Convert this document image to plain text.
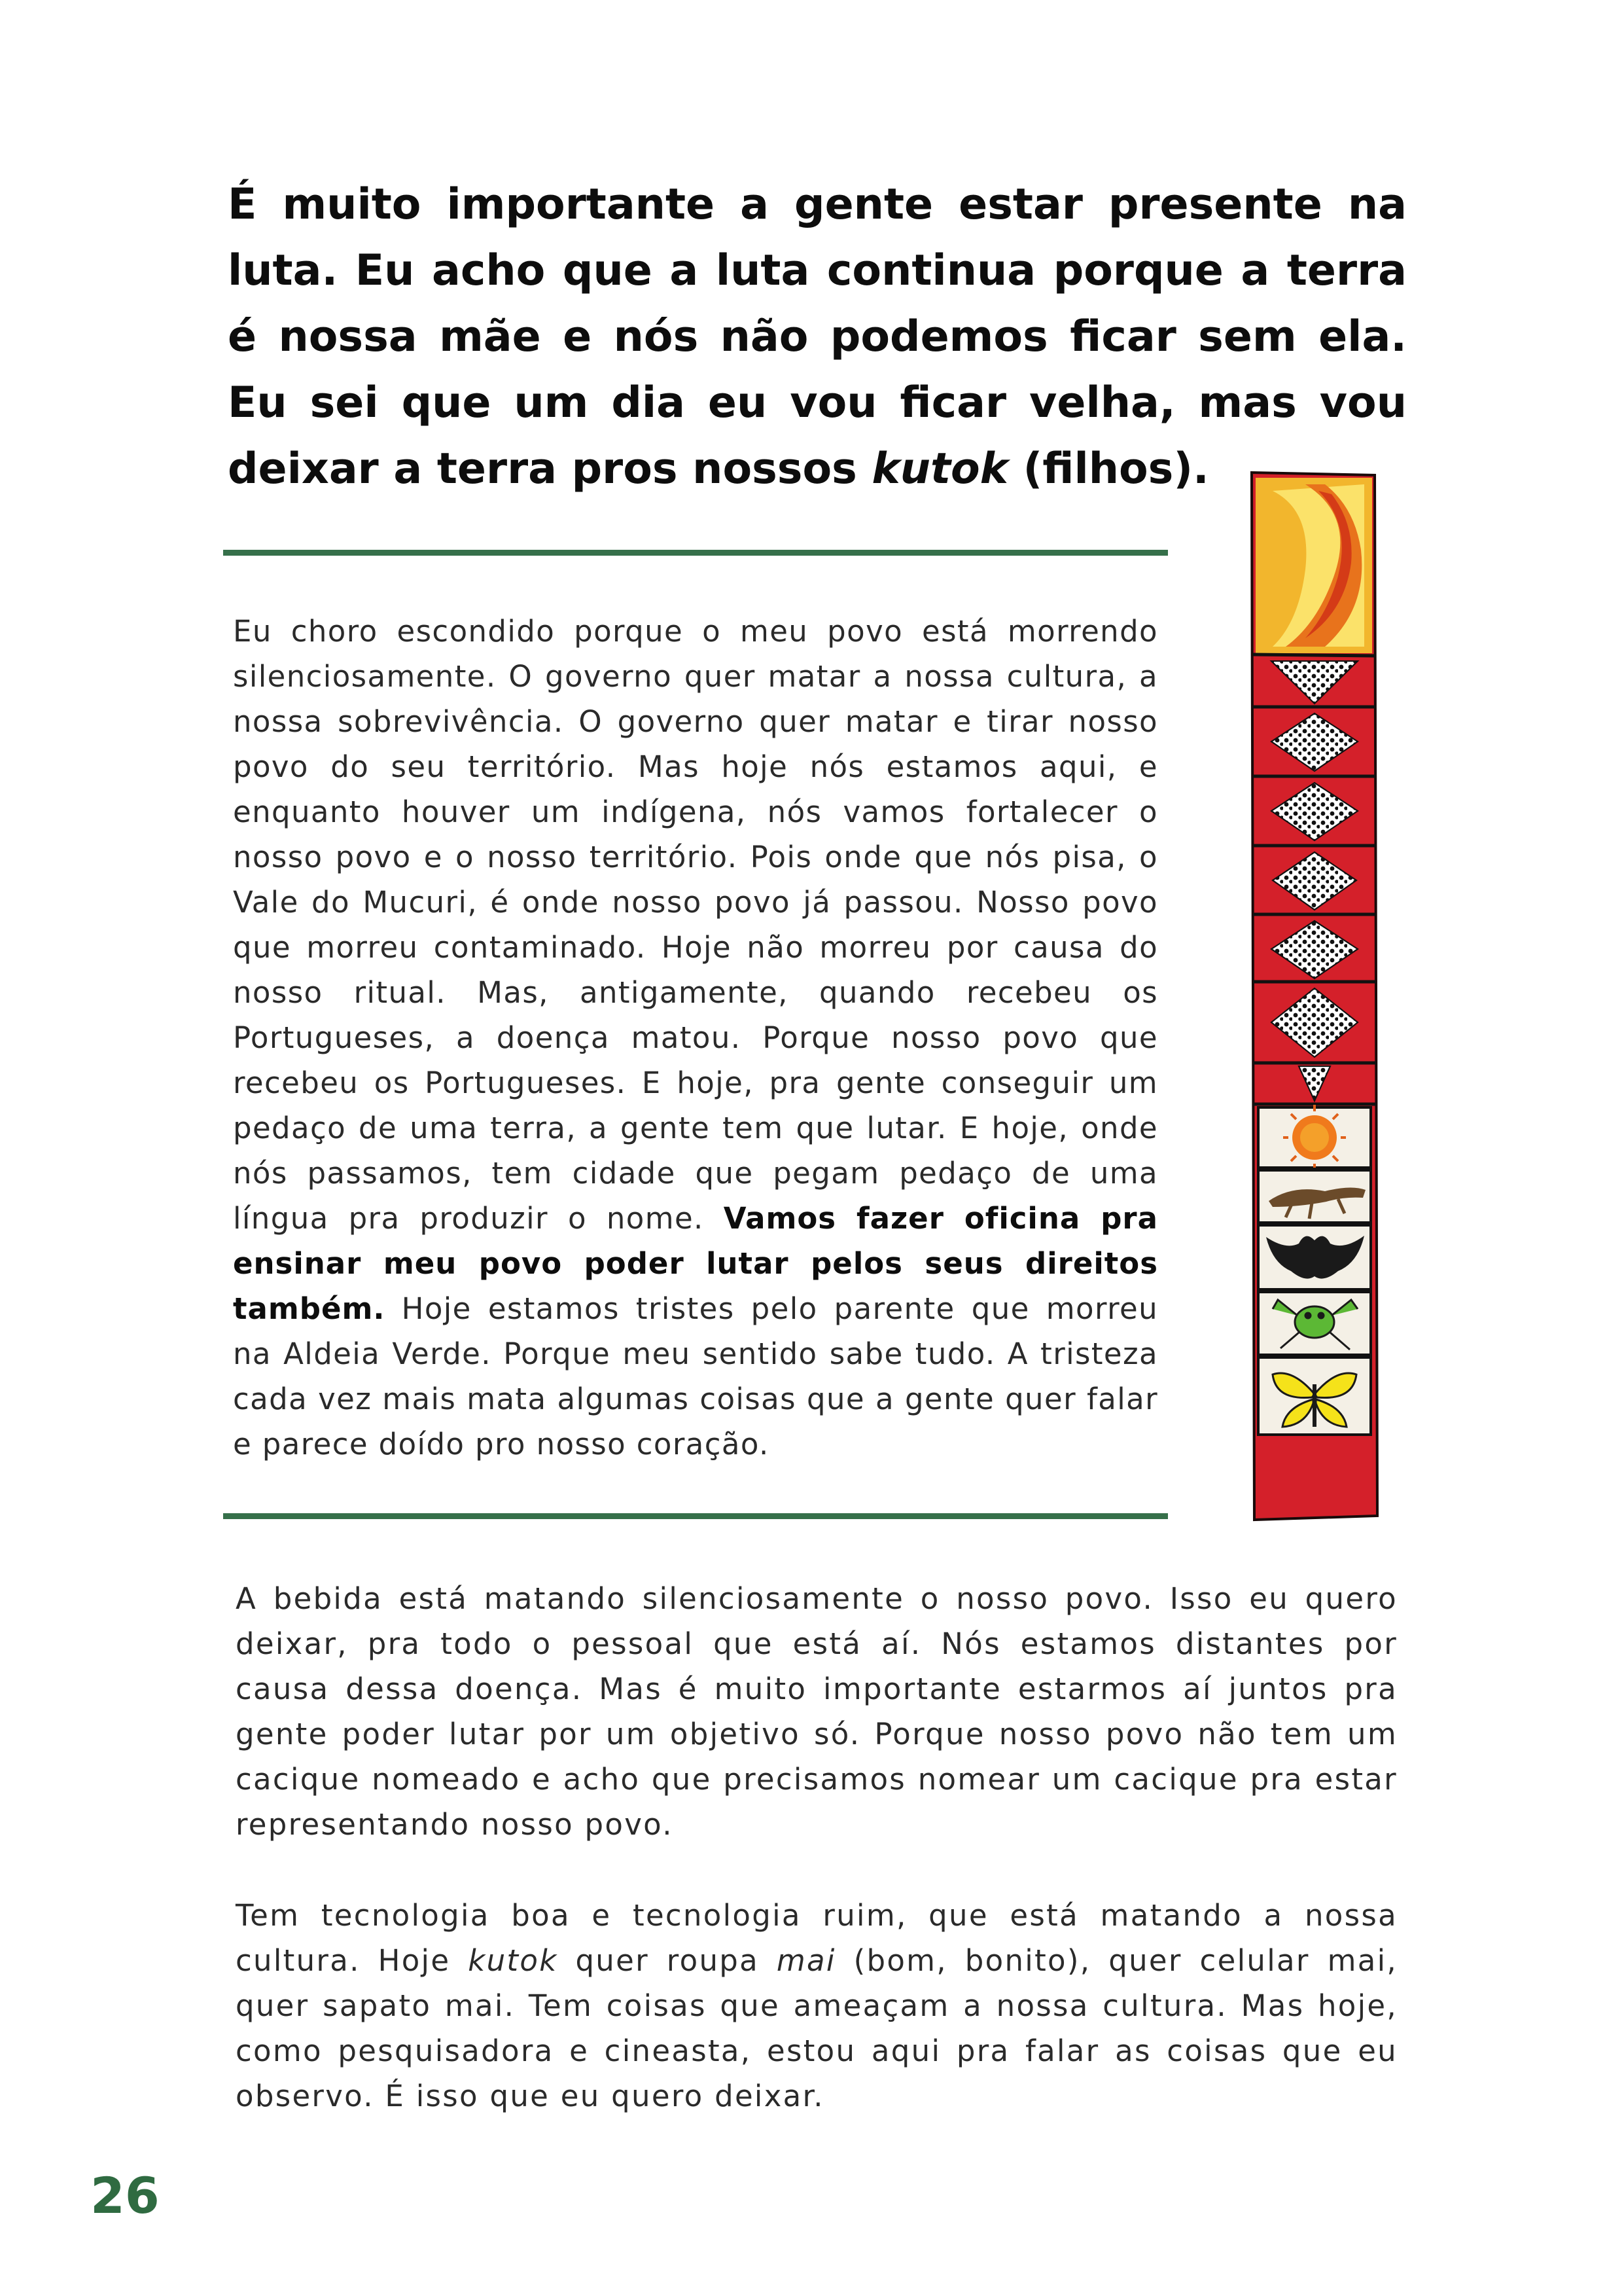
É muito importante a gente estar presente na luta. Eu acho que a luta continua porque a terra é nossa mãe e nós não podemos ficar sem ela. Eu sei que um dia eu vou ficar velha, mas vou deixar a terra pros nossos kutok (filhos).
Eu choro escondido porque o meu povo está morrendo silenciosamente. O governo quer matar a nossa cultura, a nossa sobrevivência. O governo quer matar e tirar nosso povo do seu território. Mas hoje nós estamos aqui, e enquanto houver um indígena, nós vamos fortalecer o nosso povo e o nosso território. Pois onde que nós pisa, o Vale do Mucuri, é onde nosso povo já passou. Nosso povo que morreu contaminado. Hoje não morreu por causa do nosso ritual. Mas, antigamente, quando recebeu os Portugueses, a doença matou. Porque nosso povo que recebeu os Portugueses. E hoje, pra gente conseguir um pedaço de uma terra, a gente tem que lutar. E hoje, onde nós passamos, tem cidade que pegam pedaço de uma língua pra produzir o nome. Vamos fazer oficina pra ensinar meu povo poder lutar pelos seus direitos também. Hoje estamos tristes pelo parente que morreu na Aldeia Verde. Porque meu sentido sabe tudo. A tristeza cada vez mais mata algumas coisas que a gente quer falar e parece doído pro nosso coração.

A bebida está matando silenciosamente o nosso povo. Isso eu quero deixar, pra todo o pessoal que está aí. Nós estamos distantes por causa dessa doença. Mas é muito importante estarmos aí juntos pra gente poder lutar por um objetivo só. Porque nosso povo não tem um cacique nomeado e acho que precisamos nomear um cacique pra estar representando nosso povo.

Tem tecnologia boa e tecnologia ruim, que está matando a nossa cultura. Hoje kutok quer roupa mai (bom, bonito), quer celular mai, quer sapato mai. Tem coisas que ameaçam a nossa cultura. Mas hoje, como pesquisadora e cineasta, estou aqui pra falar as coisas que eu observo. É isso que eu quero deixar.

26
